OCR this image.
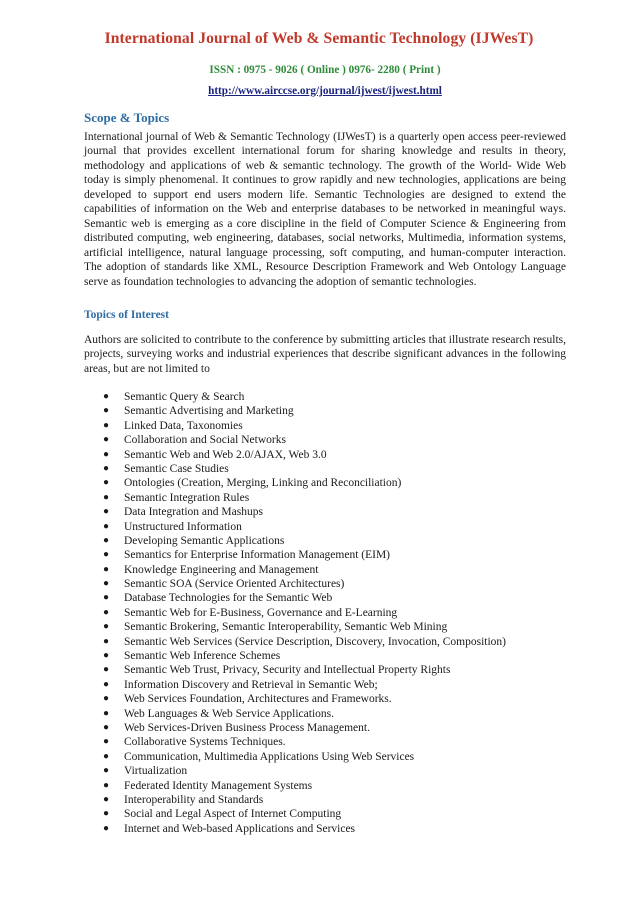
International Journal of Web & Semantic Technology (IJWesT)
ISSN : 0975 - 9026 ( Online ) 0976- 2280 ( Print )
http://www.airccse.org/journal/ijwest/ijwest.html
Scope & Topics

International journal of Web & Semantic Technology (IJWesT) is a quarterly open access peer-reviewed journal that provides excellent international forum for sharing knowledge and results in theory, methodology and applications of web & semantic technology. The growth of the World- Wide Web today is simply phenomenal. It continues to grow rapidly and new technologies, applications are being developed to support end users modern life. Semantic Technologies are designed to extend the capabilities of information on the Web and enterprise databases to be networked in meaningful ways. Semantic web is emerging as a core discipline in the field of Computer Science & Engineering from distributed computing, web engineering, databases, social networks, Multimedia, information systems, artificial intelligence, natural language processing, soft computing, and human-computer interaction. The adoption of standards like XML, Resource Description Framework and Web Ontology Language serve as foundation technologies to advancing the adoption of semantic technologies.

Topics of Interest

Authors are solicited to contribute to the conference by submitting articles that illustrate research results, projects, surveying works and industrial experiences that describe significant advances in the following areas, but are not limited to

● Semantic Query & Search
● Semantic Advertising and Marketing
● Linked Data, Taxonomies
● Collaboration and Social Networks
● Semantic Web and Web 2.0/AJAX, Web 3.0
● Semantic Case Studies
● Ontologies (Creation, Merging, Linking and Reconciliation)
● Semantic Integration Rules
● Data Integration and Mashups
● Unstructured Information
● Developing Semantic Applications
● Semantics for Enterprise Information Management (EIM)
● Knowledge Engineering and Management
● Semantic SOA (Service Oriented Architectures)
● Database Technologies for the Semantic Web
● Semantic Web for E-Business, Governance and E-Learning
● Semantic Brokering, Semantic Interoperability, Semantic Web Mining
● Semantic Web Services (Service Description, Discovery, Invocation, Composition)
● Semantic Web Inference Schemes
● Semantic Web Trust, Privacy, Security and Intellectual Property Rights
● Information Discovery and Retrieval in Semantic Web;
● Web Services Foundation, Architectures and Frameworks.
● Web Languages & Web Service Applications.
● Web Services-Driven Business Process Management.
● Collaborative Systems Techniques.
● Communication, Multimedia Applications Using Web Services
● Virtualization
● Federated Identity Management Systems
● Interoperability and Standards
● Social and Legal Aspect of Internet Computing
● Internet and Web-based Applications and Services
